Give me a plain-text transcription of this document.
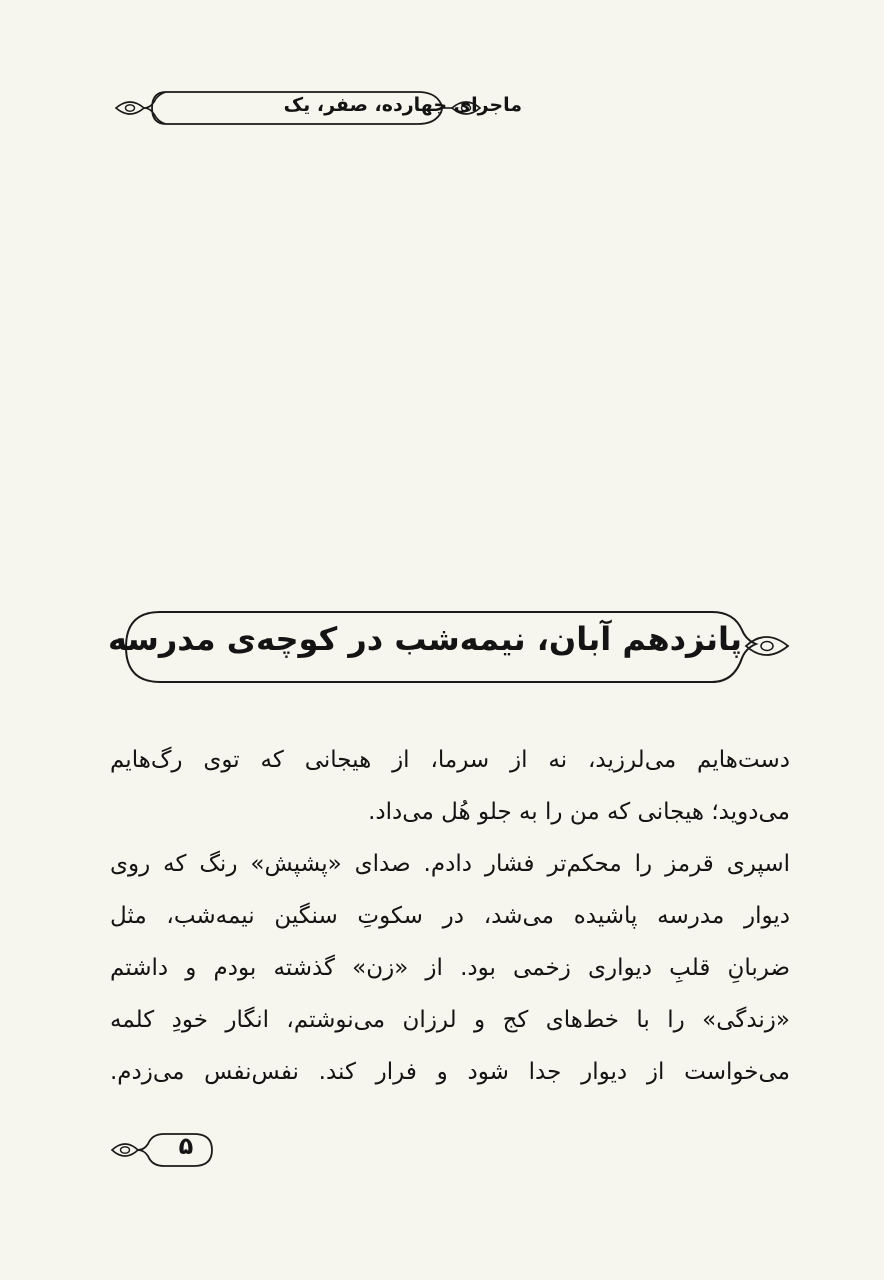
ماجرای چهارده، صفر، یک
پانزدهم آبان، نیمه‌شب در کوچه‌ی مدرسه
دست‌هایم می‌لرزید، نه از سرما، از هیجانی که توی رگ‌هایم
می‌دوید؛ هیجانی که من را به جلو هُل می‌داد.
اسپری قرمز را محکم‌تر فشار دادم. صدای «پشپش» رنگ که روی
دیوار مدرسه پاشیده می‌شد، در سکوتِ سنگین نیمه‌شب، مثل
ضربانِ قلبِ دیواری زخمی بود. از «زن» گذشته بودم و داشتم
«زندگی» را با خط‌های کج و لرزان می‌نوشتم، انگار خودِ کلمه
می‌خواست از دیوار جدا شود و فرار کند. نفس‌نفس می‌زدم.
۵
